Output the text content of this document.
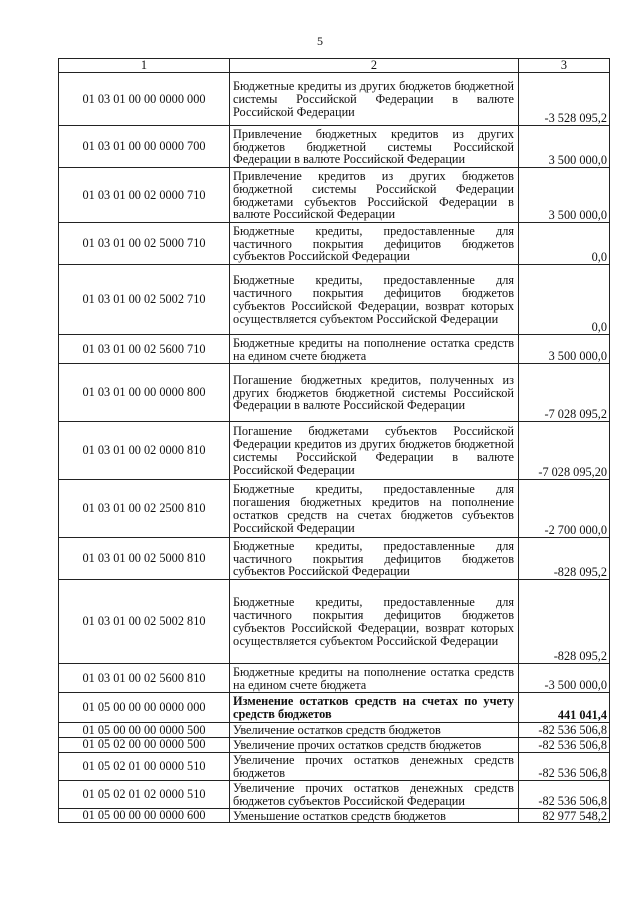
5
1	2	3
01 03 01 00 00 0000 000	Бюджетные кредиты из других бюджетов бюджетной системы Российской Федерации в валюте Российской Федерации	-3 528 095,2
01 03 01 00 00 0000 700	Привлечение бюджетных кредитов из других бюджетов бюджетной системы Российской Федерации в валюте Российской Федерации	3 500 000,0
01 03 01 00 02 0000 710	Привлечение кредитов из других бюджетов бюджетной системы Российской Федерации бюджетами субъектов Российской Федерации в валюте Российской Федерации	3 500 000,0
01 03 01 00 02 5000 710	Бюджетные кредиты, предоставленные для частичного покрытия дефицитов бюджетов субъектов Российской Федерации	0,0
01 03 01 00 02 5002 710	Бюджетные кредиты, предоставленные для частичного покрытия дефицитов бюджетов субъектов Российской Федерации, возврат которых осуществляется субъектом Российской Федерации	0,0
01 03 01 00 02 5600 710	Бюджетные кредиты на пополнение остатка средств на едином счете бюджета	3 500 000,0
01 03 01 00 00 0000 800	Погашение бюджетных кредитов, полученных из других бюджетов бюджетной системы Российской Федерации в валюте Российской Федерации	-7 028 095,2
01 03 01 00 02 0000 810	Погашение бюджетами субъектов Российской Федерации кредитов из других бюджетов бюджетной системы Российской Федерации в валюте Российской Федерации	-7 028 095,20
01 03 01 00 02 2500 810	Бюджетные кредиты, предоставленные для погашения бюджетных кредитов на пополнение остатков средств на счетах бюджетов субъектов Российской Федерации	-2 700 000,0
01 03 01 00 02 5000 810	Бюджетные кредиты, предоставленные для частичного покрытия дефицитов бюджетов субъектов Российской Федерации	-828 095,2
01 03 01 00 02 5002 810	Бюджетные кредиты, предоставленные для частичного покрытия дефицитов бюджетов субъектов Российской Федерации, возврат которых осуществляется субъектом Российской Федерации	-828 095,2
01 03 01 00 02 5600 810	Бюджетные кредиты на пополнение остатка средств на едином счете бюджета	-3 500 000,0
01 05 00 00 00 0000 000	Изменение остатков средств на счетах по учету средств бюджетов	441 041,4
01 05 00 00 00 0000 500	Увеличение остатков средств бюджетов	-82 536 506,8
01 05 02 00 00 0000 500	Увеличение прочих остатков средств бюджетов	-82 536 506,8
01 05 02 01 00 0000 510	Увеличение прочих остатков денежных средств бюджетов	-82 536 506,8
01 05 02 01 02 0000 510	Увеличение прочих остатков денежных средств бюджетов субъектов Российской Федерации	-82 536 506,8
01 05 00 00 00 0000 600	Уменьшение остатков средств бюджетов	82 977 548,2
